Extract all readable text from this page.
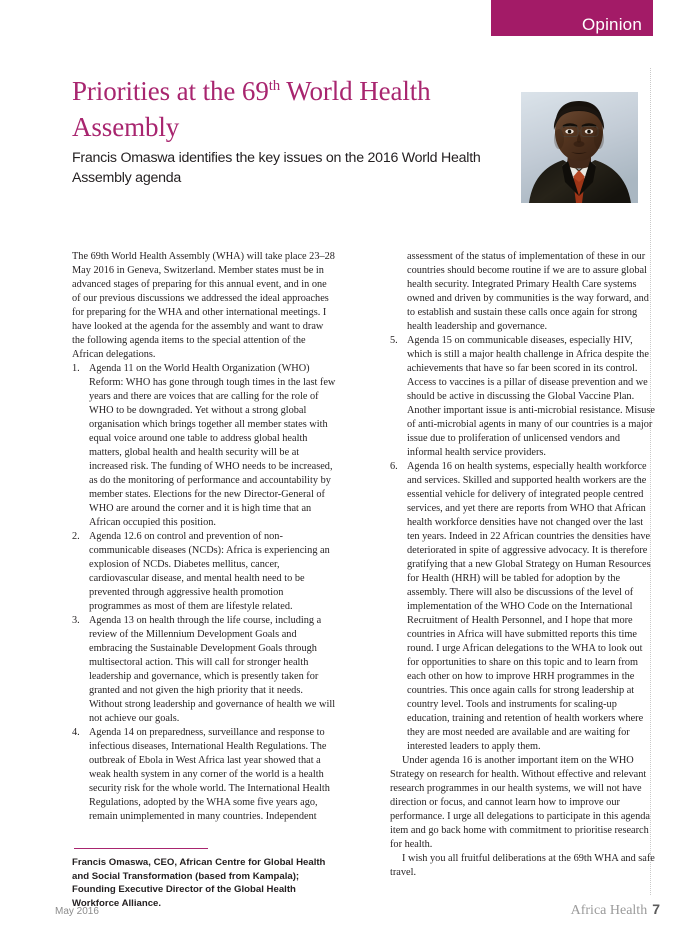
Opinion
Priorities at the 69th World Health Assembly

Francis Omaswa identifies the key issues on the 2016 World Health Assembly agenda

The 69th World Health Assembly (WHA) will take place 23–28 May 2016 in Geneva, Switzerland. Member states must be in advanced stages of preparing for this annual event, and in one of our previous discussions we addressed the ideal approaches for preparing for the WHA and other international meetings. I have looked at the agenda for the assembly and want to draw the following agenda items to the special attention of the African delegations.

1. Agenda 11 on the World Health Organization (WHO) Reform: WHO has gone through tough times in the last few years and there are voices that are calling for the role of WHO to be downgraded. Yet without a strong global organisation which brings together all member states with equal voice around one table to address global health matters, global health and health security will be at increased risk. The funding of WHO needs to be increased, as do the monitoring of performance and accountability by member states. Elections for the new Director-General of WHO are around the corner and it is high time that an African occupied this position.
2. Agenda 12.6 on control and prevention of non-communicable diseases (NCDs): Africa is experiencing an explosion of NCDs. Diabetes mellitus, cancer, cardiovascular disease, and mental health need to be prevented through aggressive health promotion programmes as most of them are lifestyle related.
3. Agenda 13 on health through the life course, including a review of the Millennium Development Goals and embracing the Sustainable Development Goals through multisectoral action. This will call for stronger health leadership and governance, which is presently taken for granted and not given the high priority that it needs. Without strong leadership and governance of health we will not achieve our goals.
4. Agenda 14 on preparedness, surveillance and response to infectious diseases, International Health Regulations. The outbreak of Ebola in West Africa last year showed that a weak health system in any corner of the world is a health security risk for the whole world. The International Health Regulations, adopted by the WHA some five years ago, remain unimplemented in many countries. Independent

assessment of the status of implementation of these in our countries should become routine if we are to assure global health security. Integrated Primary Health Care systems owned and driven by communities is the way forward, and to establish and sustain these calls once again for strong health leadership and governance.

5. Agenda 15 on communicable diseases, especially HIV, which is still a major health challenge in Africa despite the achievements that have so far been scored in its control. Access to vaccines is a pillar of disease prevention and we should be active in discussing the Global Vaccine Plan. Another important issue is anti-microbial resistance. Misuse of anti-microbial agents in many of our countries is a major issue due to proliferation of unlicensed vendors and informal health service providers.
6. Agenda 16 on health systems, especially health workforce and services. Skilled and supported health workers are the essential vehicle for delivery of integrated people centred services, and yet there are reports from WHO that African health workforce densities have not changed over the last ten years. Indeed in 22 African countries the densities have deteriorated in spite of aggressive advocacy. It is therefore gratifying that a new Global Strategy on Human Resources for Health (HRH) will be tabled for adoption by the assembly. There will also be discussions of the level of implementation of the WHO Code on the International Recruitment of Health Personnel, and I hope that more countries in Africa will have submitted reports this time round. I urge African delegations to the WHA to look out for opportunities to share on this topic and to learn from each other on how to improve HRH programmes in the countries. This once again calls for strong leadership at country level. Tools and instruments for scaling-up education, training and retention of health workers where they are most needed are available and are waiting for interested leaders to apply them.

Under agenda 16 is another important item on the WHO Strategy on research for health. Without effective and relevant research programmes in our health systems, we will not have direction or focus, and cannot learn how to improve our performance. I urge all delegations to participate in this agenda item and go back home with commitment to prioritise research for health.

I wish you all fruitful deliberations at the 69th WHA and safe travel.

Francis Omaswa, CEO, African Centre for Global Health and Social Transformation (based from Kampala); Founding Executive Director of the Global Health Workforce Alliance.

May 2016	Africa Health 7
